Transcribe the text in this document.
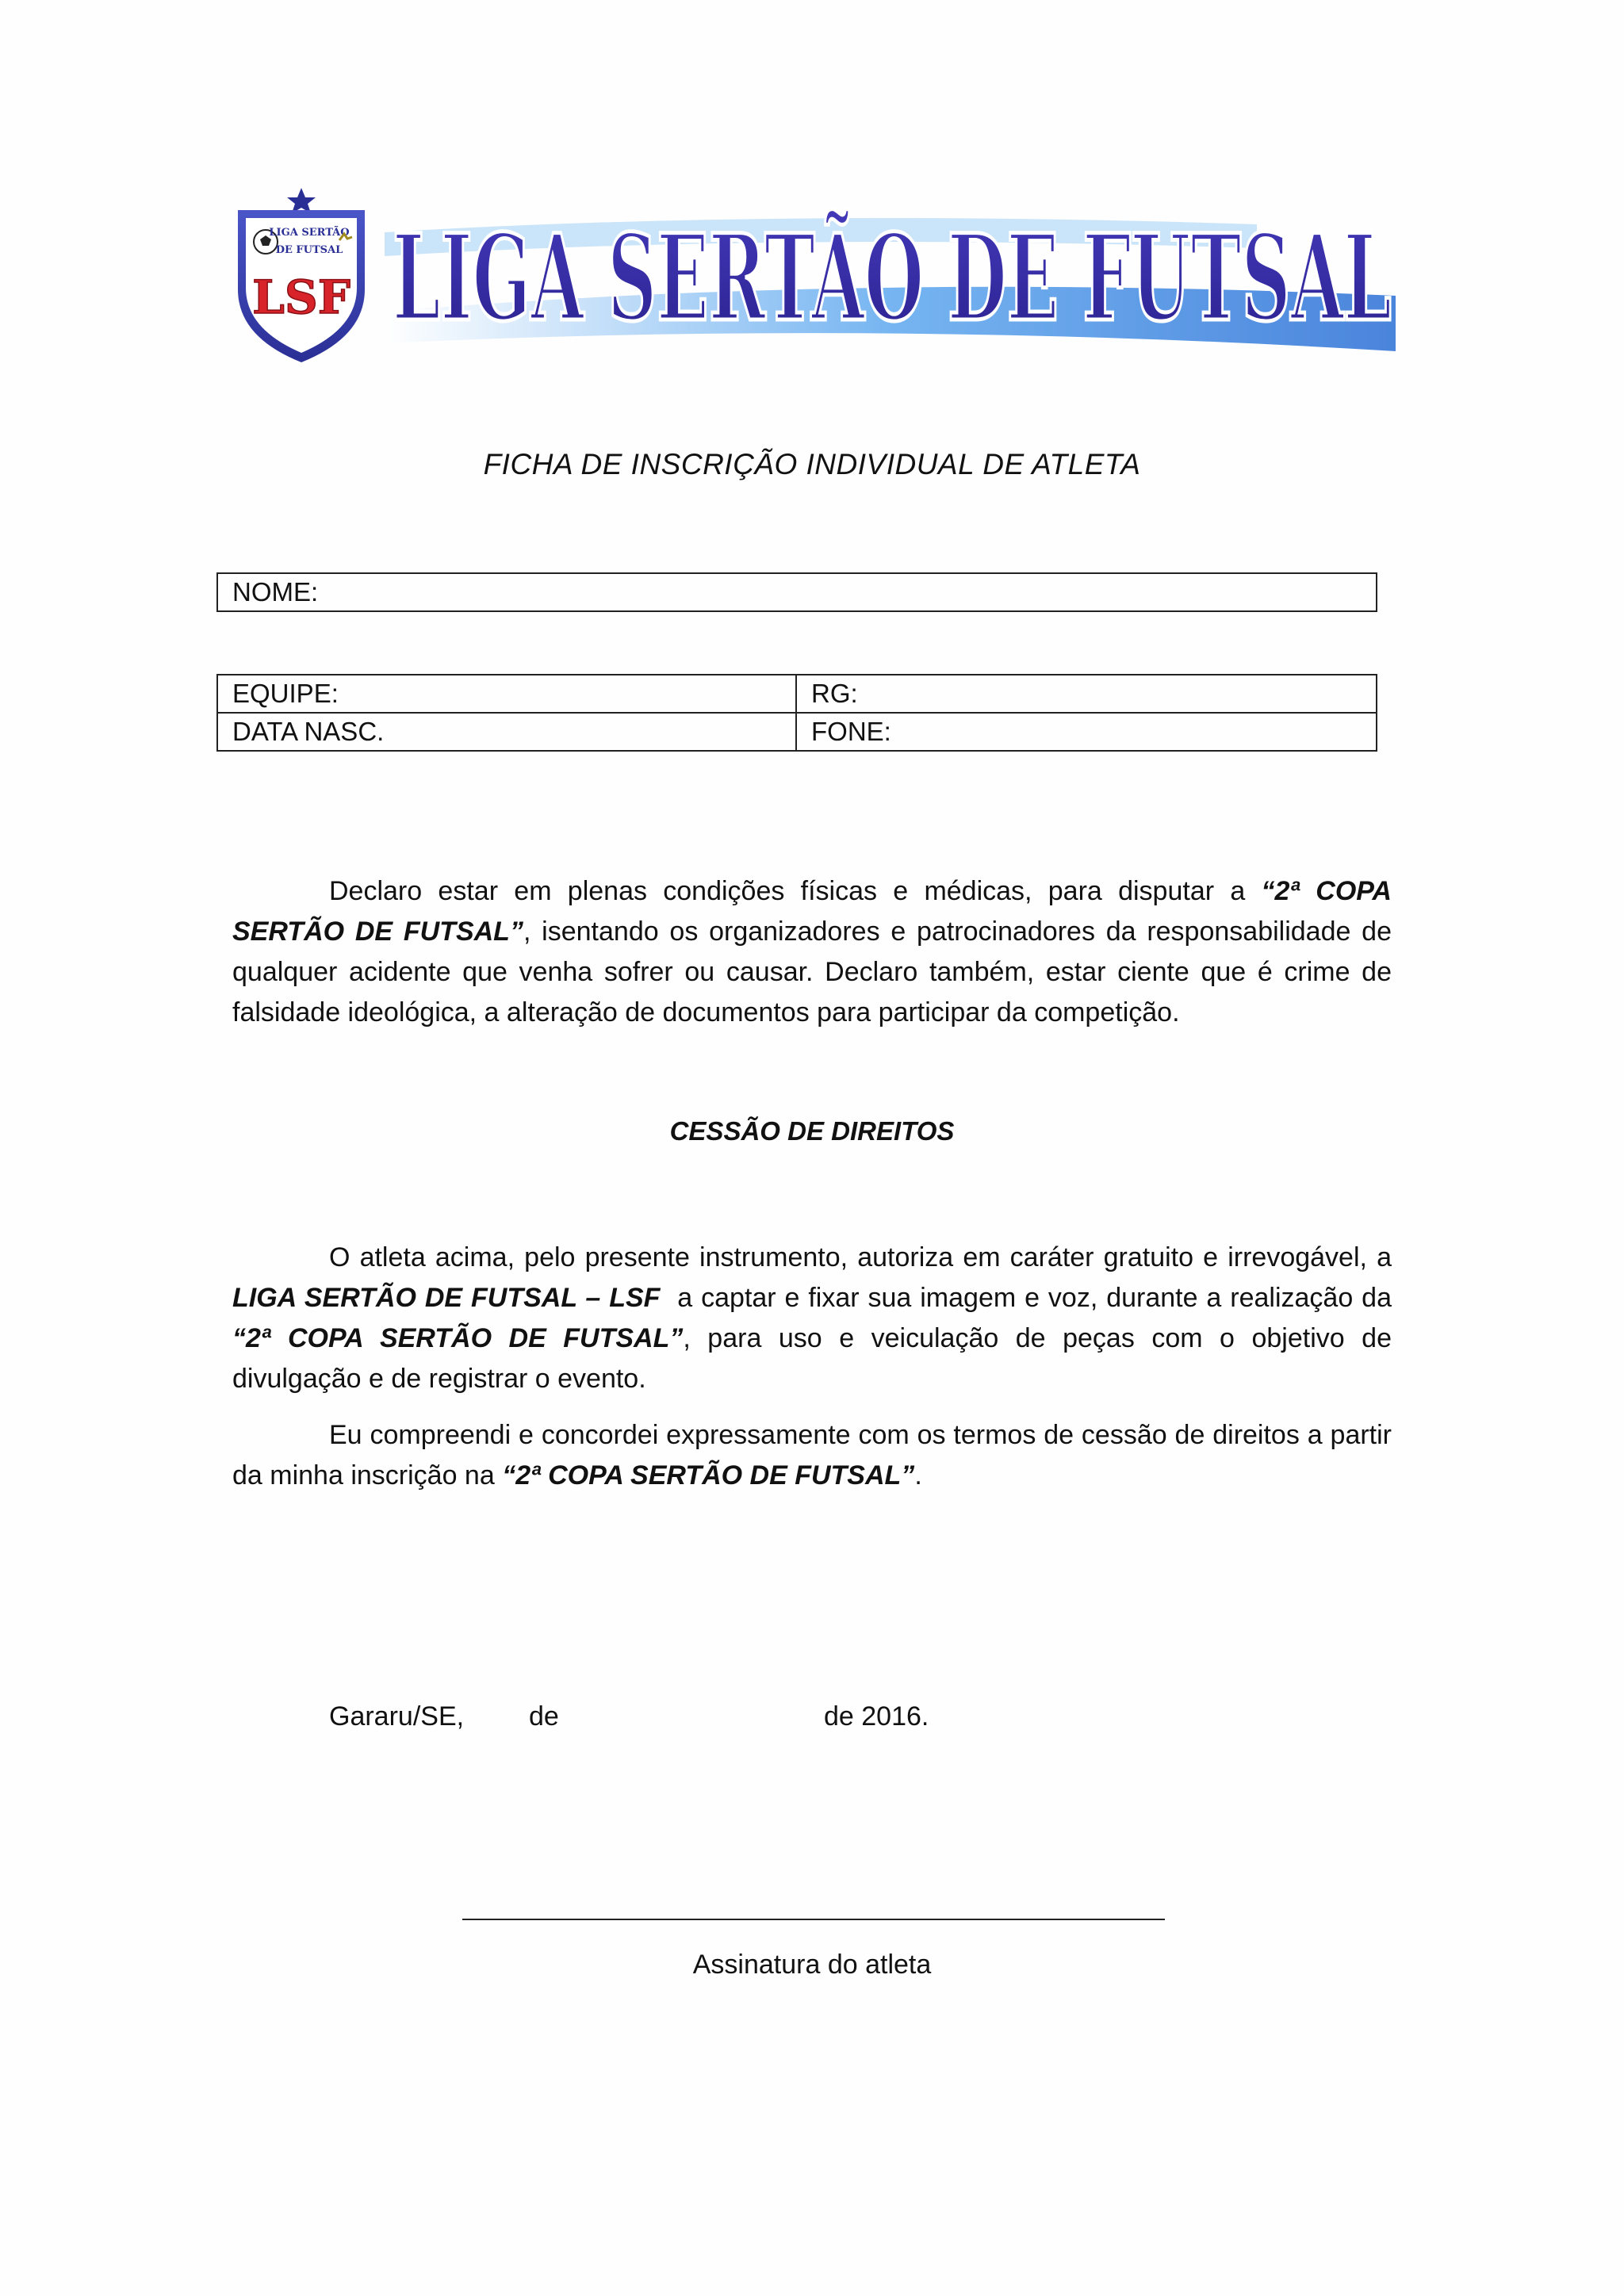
LIGA SERTÃO
DE FUTSAL
LSF LIGA SERTÃO DE FUTSAL
FICHA DE INSCRIÇÃO INDIVIDUAL DE ATLETA
NOME:
EQUIPE:	RG:
DATA NASC.	FONE:
Declaro estar em plenas condições físicas e médicas, para disputar a “2ª COPA SERTÃO DE FUTSAL”, isentando os organizadores e patrocinadores da responsabilidade de qualquer acidente que venha sofrer ou causar. Declaro também, estar ciente que é crime de falsidade ideológica, a alteração de documentos para participar da competição.
CESSÃO DE DIREITOS
O atleta acima, pelo presente instrumento, autoriza em caráter gratuito e irrevogável, a LIGA SERTÃO DE FUTSAL – LSF  a captar e fixar sua imagem e voz, durante a realização da “2ª COPA SERTÃO DE FUTSAL”, para uso e veiculação de peças com o objetivo de divulgação e de registrar o evento.
Eu compreendi e concordei expressamente com os termos de cessão de direitos a partir da minha inscrição na “2ª COPA SERTÃO DE FUTSAL”.
Gararu/SE, de	de 2016.
Assinatura do atleta
